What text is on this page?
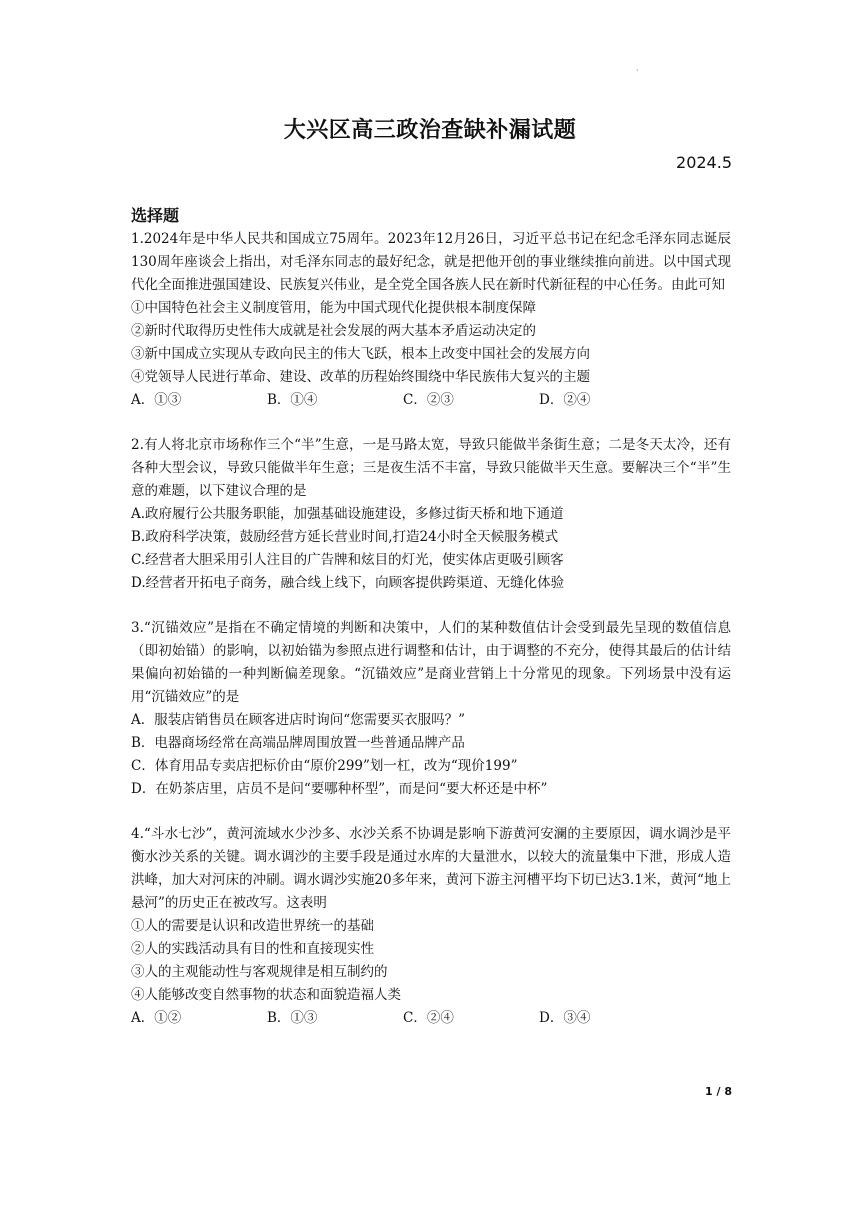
·
大兴区高三政治查缺补漏试题
2024.5
选择题

1.2024年是中华人民共和国成立75周年。2023年12月26日，习近平总书记在纪念毛泽东同志诞辰130周年座谈会上指出，对毛泽东同志的最好纪念，就是把他开创的事业继续推向前进。以中国式现代化全面推进强国建设、民族复兴伟业，是全党全国各族人民在新时代新征程的中心任务。由此可知

①中国特色社会主义制度管用，能为中国式现代化提供根本制度保障
②新时代取得历史性伟大成就是社会发展的两大基本矛盾运动决定的
③新中国成立实现从专政向民主的伟大飞跃，根本上改变中国社会的发展方向
④党领导人民进行革命、建设、改革的历程始终围绕中华民族伟大复兴的主题
A．①③	B．①④	C．②③	D．②④

2.有人将北京市场称作三个“半”生意，一是马路太宽，导致只能做半条街生意；二是冬天太冷，还有各种大型会议，导致只能做半年生意；三是夜生活不丰富，导致只能做半天生意。要解决三个“半”生意的难题，以下建议合理的是

A.政府履行公共服务职能，加强基础设施建设，多修过街天桥和地下通道
B.政府科学决策，鼓励经营方延长营业时间,打造24小时全天候服务模式
C.经营者大胆采用引人注目的广告牌和炫目的灯光，使实体店更吸引顾客
D.经营者开拓电子商务，融合线上线下，向顾客提供跨渠道、无缝化体验

3.“沉锚效应”是指在不确定情境的判断和决策中，人们的某种数值估计会受到最先呈现的数值信息（即初始锚）的影响，以初始锚为参照点进行调整和估计，由于调整的不充分，使得其最后的估计结果偏向初始锚的一种判断偏差现象。“沉锚效应”是商业营销上十分常见的现象。下列场景中没有运用“沉锚效应”的是

A．服装店销售员在顾客进店时询问“您需要买衣服吗？”
B．电器商场经常在高端品牌周围放置一些普通品牌产品
C．体育用品专卖店把标价由“原价299”划一杠，改为“现价199”
D．在奶茶店里，店员不是问“要哪种杯型”，而是问“要大杯还是中杯”

4.“斗水七沙”，黄河流域水少沙多、水沙关系不协调是影响下游黄河安澜的主要原因，调水调沙是平衡水沙关系的关键。调水调沙的主要手段是通过水库的大量泄水，以较大的流量集中下泄，形成人造洪峰，加大对河床的冲刷。调水调沙实施20多年来，黄河下游主河槽平均下切已达3.1米，黄河“地上悬河”的历史正在被改写。这表明

①人的需要是认识和改造世界统一的基础
②人的实践活动具有目的性和直接现实性
③人的主观能动性与客观规律是相互制约的
④人能够改变自然事物的状态和面貌造福人类
A．①②	B．①③	C．②④	D．③④
1 / 8
